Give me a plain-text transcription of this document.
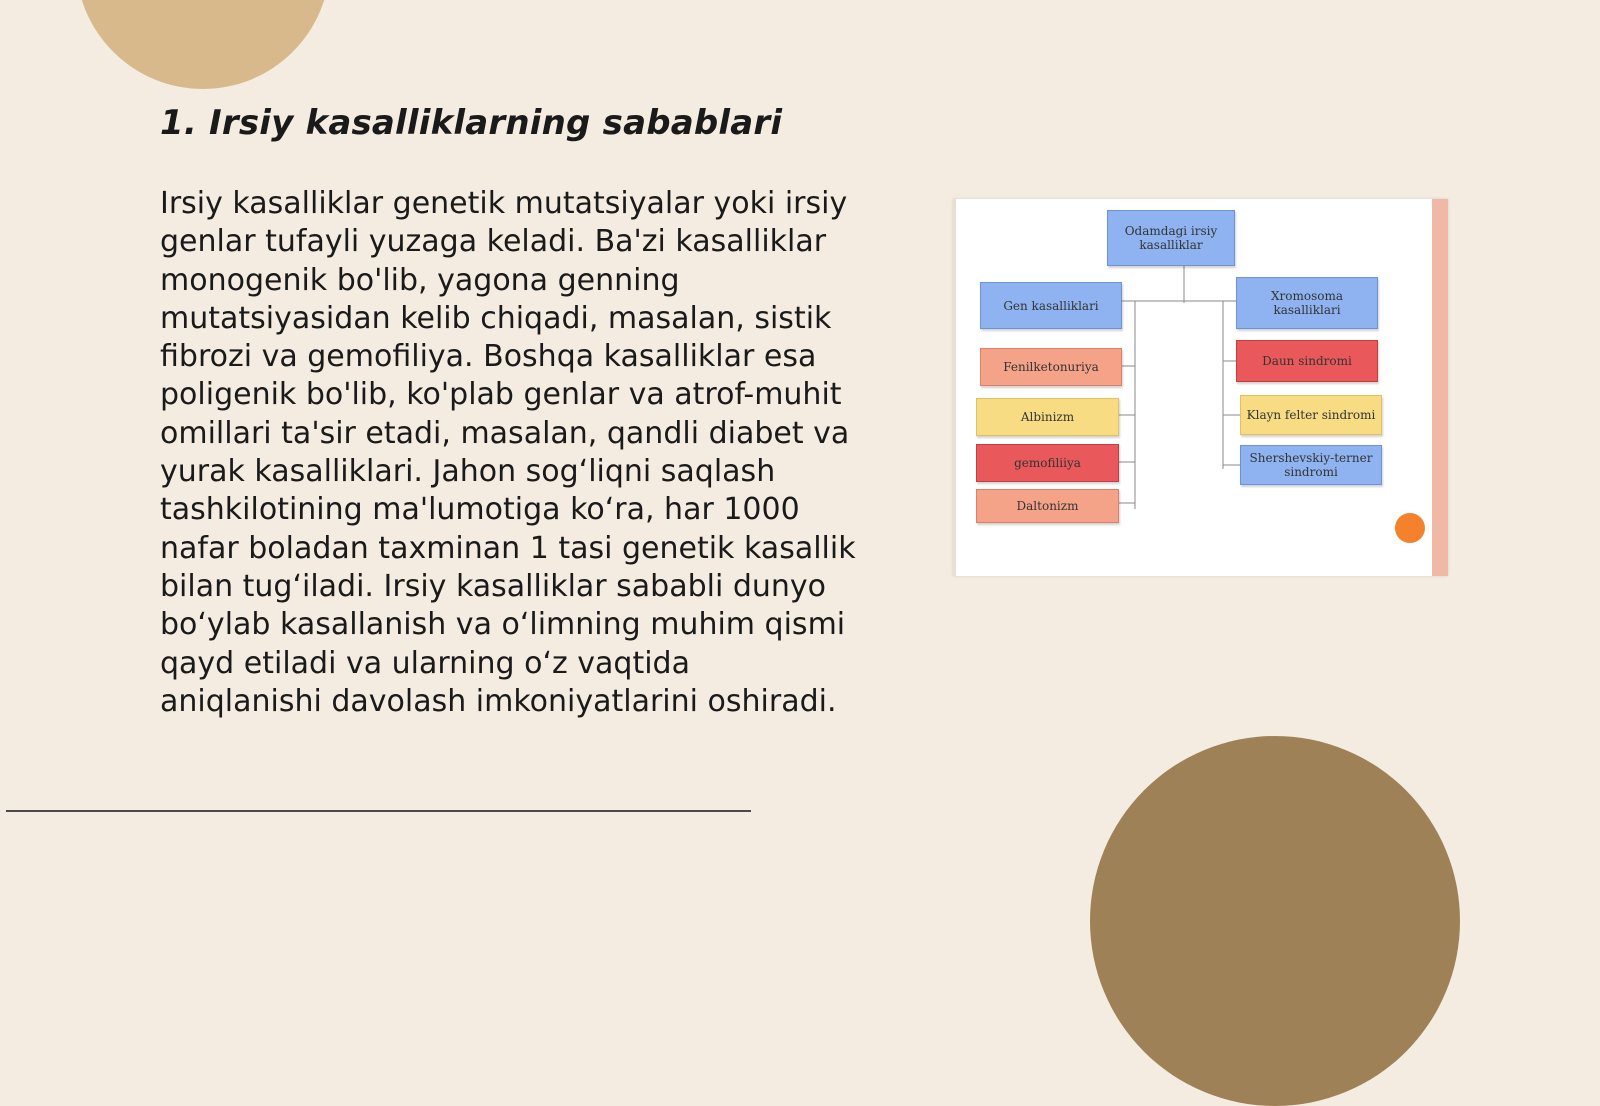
1. Irsiy kasalliklarning sabablari

Irsiy kasalliklar genetik mutatsiyalar yoki irsiy genlar tufayli yuzaga keladi. Ba'zi kasalliklar monogenik bo'lib, yagona genning mutatsiyasidan kelib chiqadi, masalan, sistik fibrozi va gemofiliya. Boshqa kasalliklar esa poligenik bo'lib, ko'plab genlar va atrof-muhit omillari ta'sir etadi, masalan, qandli diabet va yurak kasalliklari. Jahon sog‘liqni saqlash tashkilotining ma'lumotiga ko‘ra, har 1000 nafar boladan taxminan 1 tasi genetik kasallik bilan tug‘iladi. Irsiy kasalliklar sababli dunyo bo‘ylab kasallanish va o‘limning muhim qismi qayd etiladi va ularning o‘z vaqtida aniqlanishi davolash imkoniyatlarini oshiradi.

Odamdagi irsiy kasalliklar
Gen kasalliklari
Fenilketonuriya
Albinizm
gemofiliiya
Daltonizm
Xromosoma kasalliklari
Daun sindromi
Klayn felter sindromi
Shershevskiy-terner sindromi
